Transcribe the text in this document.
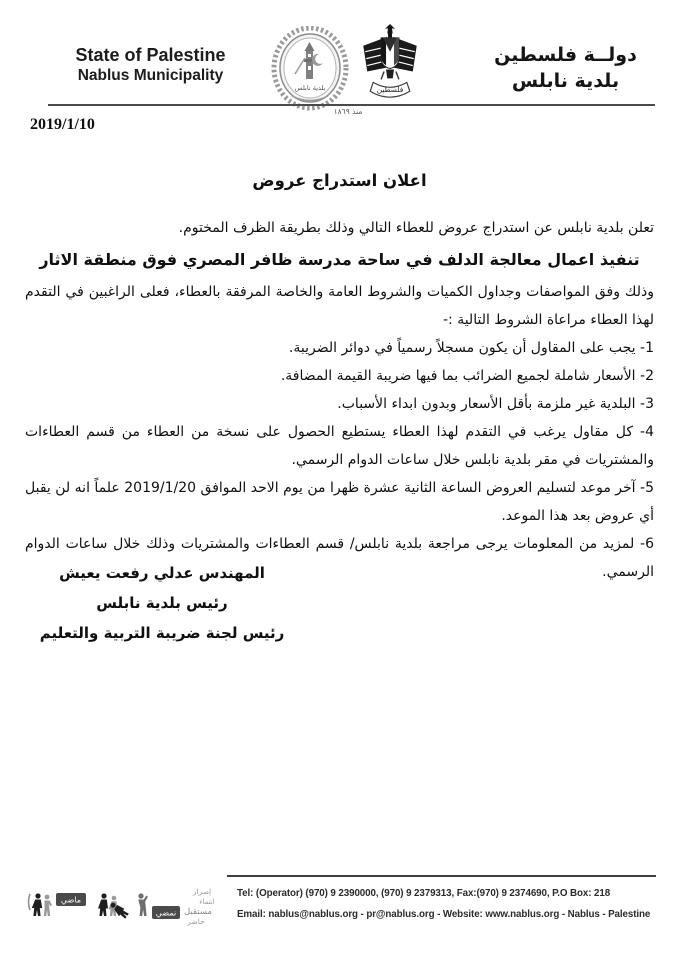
State of Palestine
Nablus Municipality
بلدية نابلس	فلسطين
دولــة فلسطين
بلدية نابلس
منذ ١٨٦٩
2019/1/10
اعلان استدراج عروض
تعلن بلدية نابلس عن استدراج عروض للعطاء التالي وذلك بطريقة الظرف المختوم.
تنفيذ اعمال معالجة الدلف في ساحة مدرسة ظافر المصري فوق منطقة الاثار
وذلك وفق المواصفات وجداول الكميات والشروط العامة والخاصة المرفقة بالعطاء، فعلى الراغبين في التقدم لهذا العطاء مراعاة الشروط التالية :-
1- يجب على المقاول أن يكون مسجلاً رسمياً في دوائر الضريبة.
2- الأسعار شاملة لجميع الضرائب بما فيها ضريبة القيمة المضافة.
3- البلدية غير ملزمة بأقل الأسعار وبدون ابداء الأسباب.
4- كل مقاول يرغب في التقدم لهذا العطاء يستطيع الحصول على نسخة من العطاء من قسم العطاءات والمشتريات في مقر بلدية نابلس خلال ساعات الدوام الرسمي.
5- آخر موعد لتسليم العروض الساعة الثانية عشرة ظهرا من يوم الاحد الموافق 2019/1/20 علماً انه لن يقبل أي عروض بعد هذا الموعد.
6- لمزيد من المعلومات يرجى مراجعة بلدية نابلس/ قسم العطاءات والمشتريات وذلك خلال ساعات الدوام الرسمي.
المهندس عدلي رفعت يعيش
رئيس بلدية نابلس
رئيس لجنة ضريبة التربية والتعليم
ماضي
نمضي
إصرار
انتماء
مستقبل
حاضر
Tel: (Operator) (970) 9 2390000, (970) 9 2379313, Fax:(970) 9 2374690, P.O Box: 218
Email: nablus@nablus.org - pr@nablus.org - Website: www.nablus.org - Nablus - Palestine
